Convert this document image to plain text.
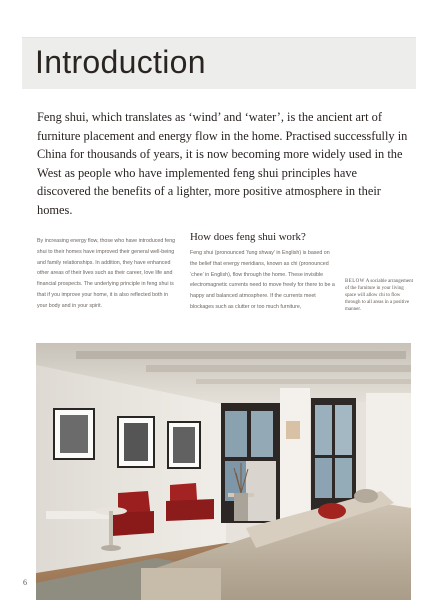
Introduction

Feng shui, which translates as ‘wind’ and ‘water’, is the ancient art of furniture placement and energy flow in the home. Practised successfully in China for thousands of years, it is now becoming more widely used in the West as people who have implemented feng shui principles have discovered the benefits of a lighter, more positive atmosphere in their homes.

By increasing energy flow, those who have introduced feng shui to their homes have improved their general well-being and family relationships. In addition, they have enhanced other areas of their lives such as their career, love life and financial prospects. The underlying principle in feng shui is that if you improve your home, it is also reflected both in your body and in your spirit.

How does feng shui work?

Feng shui (pronounced ‘fung shway’ in English) is based on the belief that energy meridians, known as chi (pronounced ‘chee’ in English), flow through the home. These invisible electromagnetic currents need to move freely for there to be a happy and balanced atmosphere. If the currents meet blockages such as clutter or too much furniture,

BELOW A sociable arrangement of the furniture in your living space will allow chi to flow through to all areas in a positive manner.

6
